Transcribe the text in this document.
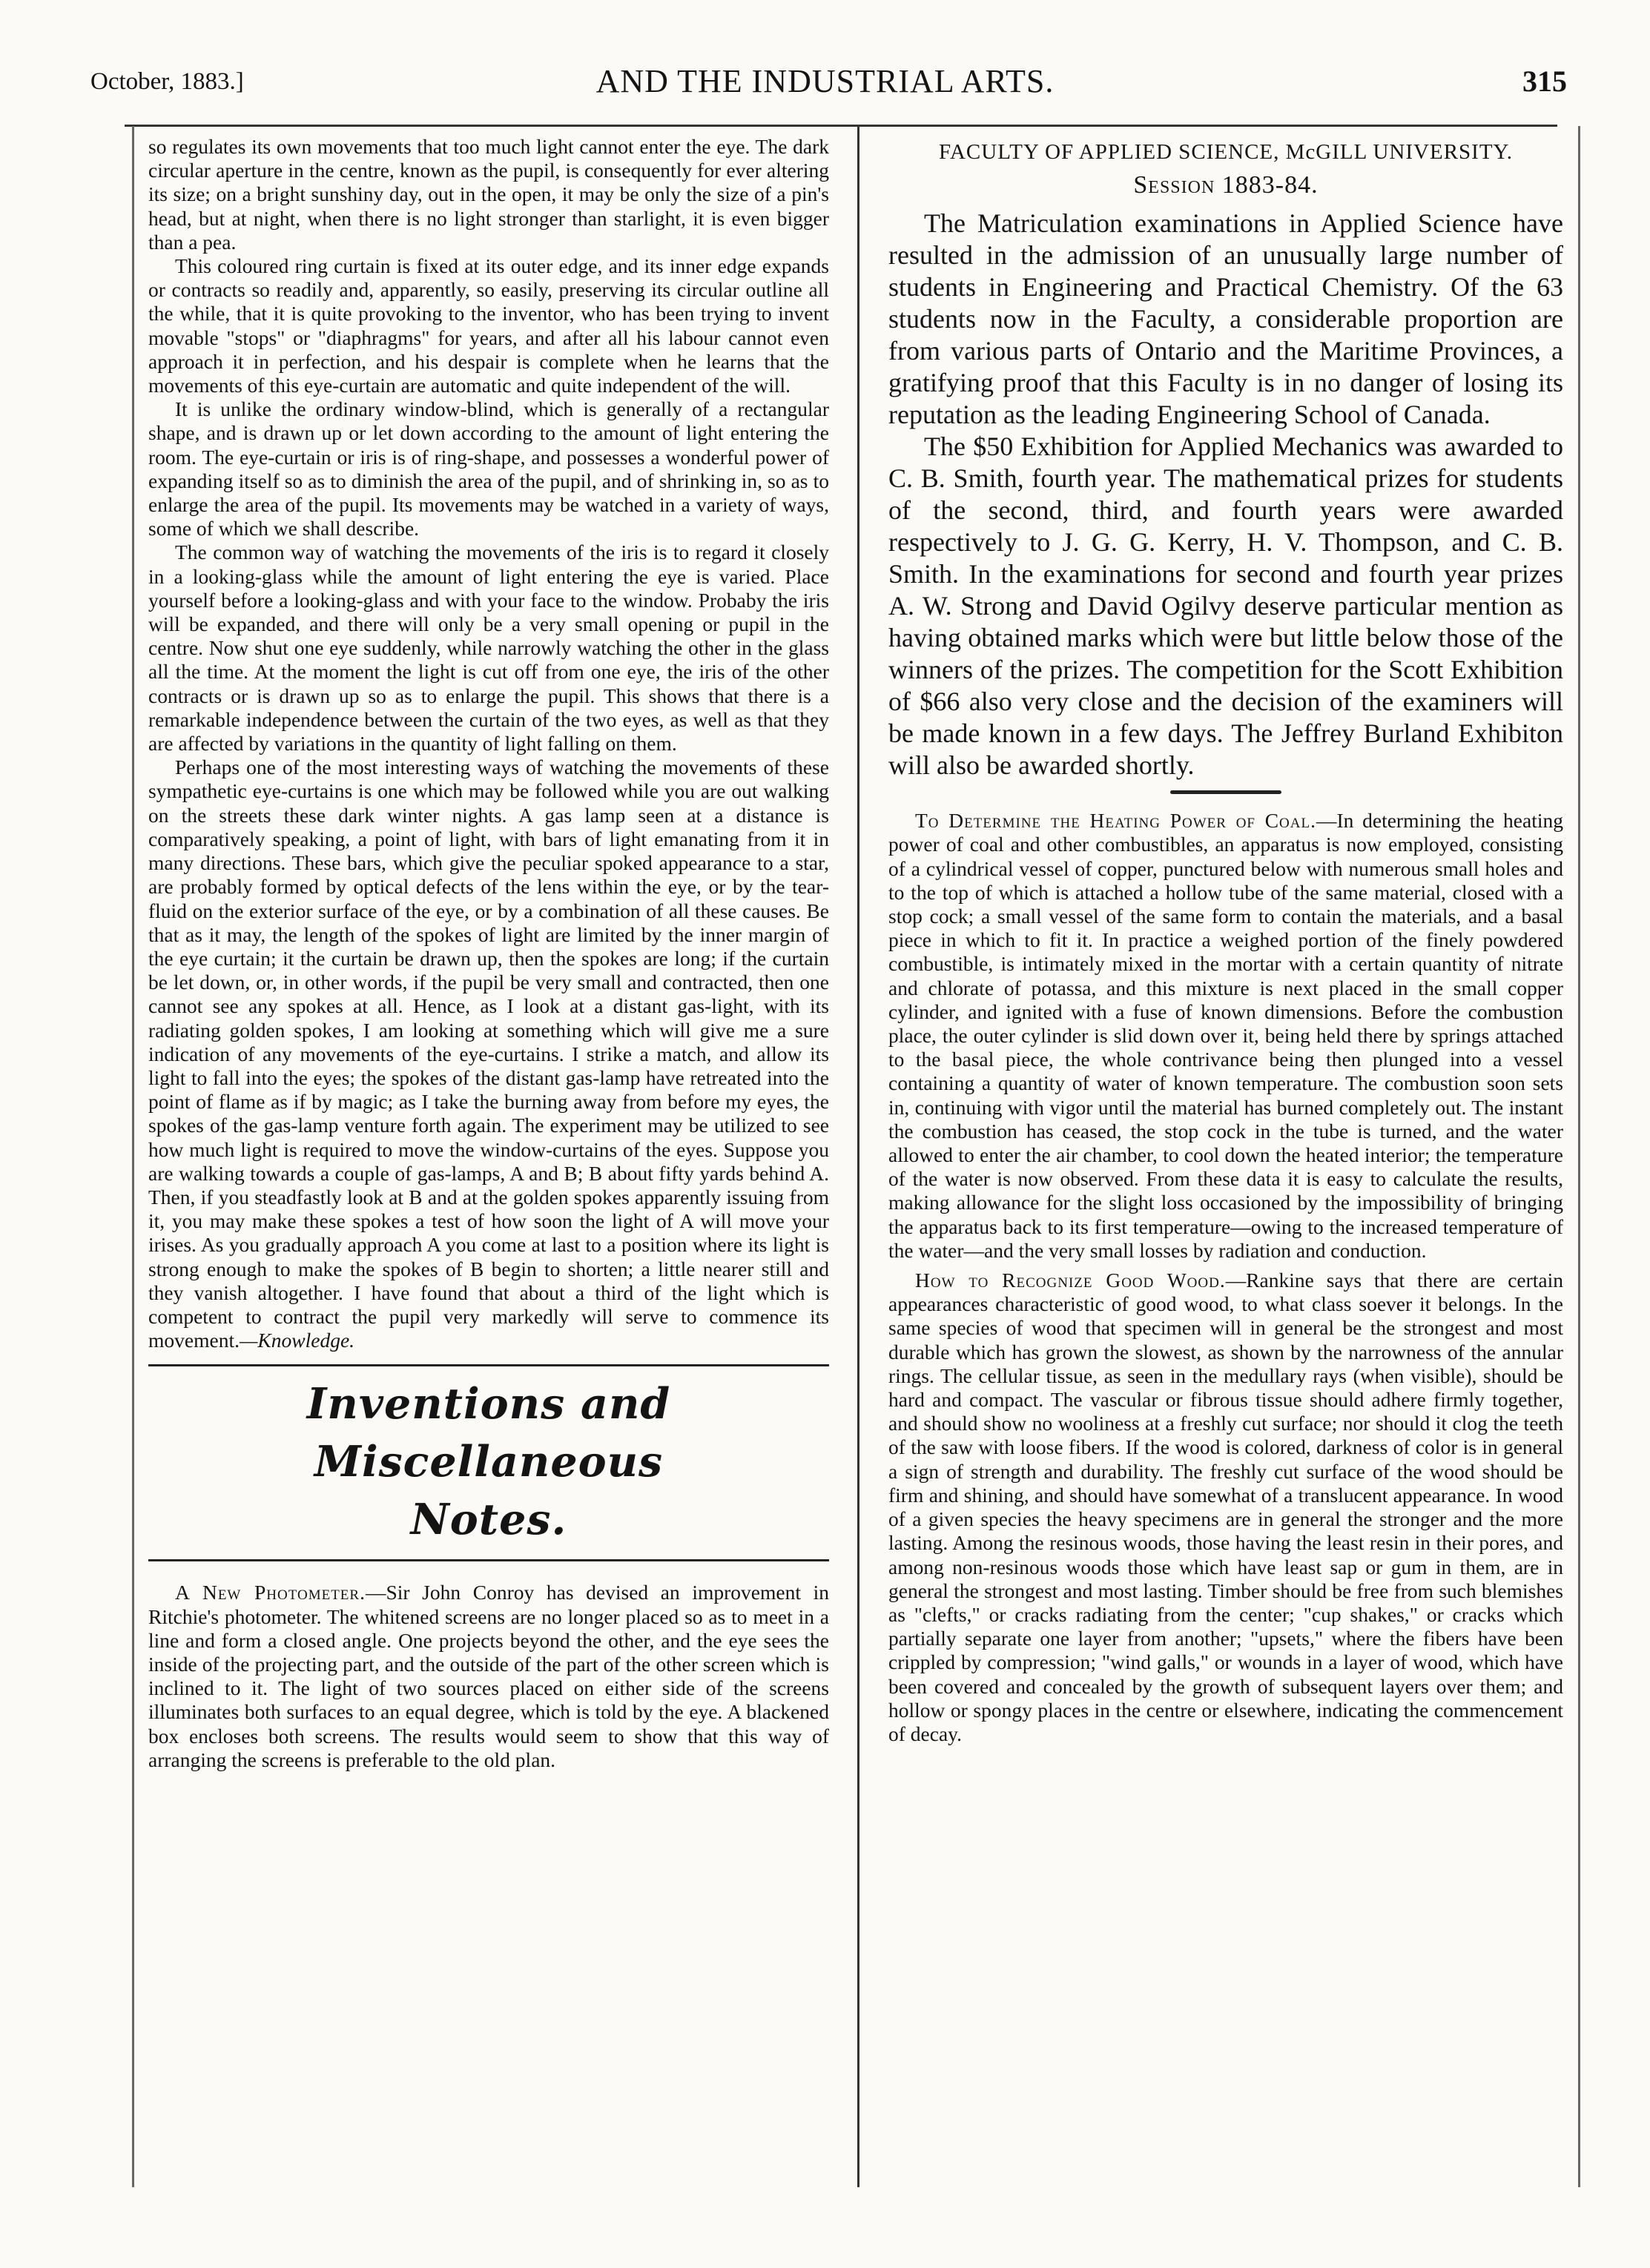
October, 1883.]	AND THE INDUSTRIAL ARTS.	315

so regulates its own movements that too much light cannot enter the eye. The dark circular aperture in the centre, known as the pupil, is consequently for ever altering its size; on a bright sunshiny day, out in the open, it may be only the size of a pin's head, but at night, when there is no light stronger than starlight, it is even bigger than a pea.

This coloured ring curtain is fixed at its outer edge, and its inner edge expands or contracts so readily and, apparently, so easily, preserving its circular outline all the while, that it is quite provoking to the inventor, who has been trying to invent movable "stops" or "diaphragms" for years, and after all his labour cannot even approach it in perfection, and his despair is complete when he learns that the movements of this eye-curtain are automatic and quite independent of the will.

It is unlike the ordinary window-blind, which is generally of a rectangular shape, and is drawn up or let down according to the amount of light entering the room. The eye-curtain or iris is of ring-shape, and possesses a wonderful power of expanding itself so as to diminish the area of the pupil, and of shrinking in, so as to enlarge the area of the pupil. Its movements may be watched in a variety of ways, some of which we shall describe.

The common way of watching the movements of the iris is to regard it closely in a looking-glass while the amount of light entering the eye is varied. Place yourself before a looking-glass and with your face to the window. Probaby the iris will be expanded, and there will only be a very small opening or pupil in the centre. Now shut one eye suddenly, while narrowly watching the other in the glass all the time. At the moment the light is cut off from one eye, the iris of the other contracts or is drawn up so as to enlarge the pupil. This shows that there is a remarkable independence between the curtain of the two eyes, as well as that they are affected by variations in the quantity of light falling on them.

Perhaps one of the most interesting ways of watching the movements of these sympathetic eye-curtains is one which may be followed while you are out walking on the streets these dark winter nights. A gas lamp seen at a distance is comparatively speaking, a point of light, with bars of light emanating from it in many directions. These bars, which give the peculiar spoked appearance to a star, are probably formed by optical defects of the lens within the eye, or by the tear-fluid on the exterior surface of the eye, or by a combination of all these causes. Be that as it may, the length of the spokes of light are limited by the inner margin of the eye curtain; it the curtain be drawn up, then the spokes are long; if the curtain be let down, or, in other words, if the pupil be very small and contracted, then one cannot see any spokes at all. Hence, as I look at a distant gas-light, with its radiating golden spokes, I am looking at something which will give me a sure indication of any movements of the eye-curtains. I strike a match, and allow its light to fall into the eyes; the spokes of the distant gas-lamp have retreated into the point of flame as if by magic; as I take the burning away from before my eyes, the spokes of the gas-lamp venture forth again. The experiment may be utilized to see how much light is required to move the window-curtains of the eyes. Suppose you are walking towards a couple of gas-lamps, A and B; B about fifty yards behind A. Then, if you steadfastly look at B and at the golden spokes apparently issuing from it, you may make these spokes a test of how soon the light of A will move your irises. As you gradually approach A you come at last to a position where its light is strong enough to make the spokes of B begin to shorten; a little nearer still and they vanish altogether. I have found that about a third of the light which is competent to contract the pupil very markedly will serve to commence its movement.—Knowledge.

Inventions and Miscellaneous
Notes.

A New Photometer.—Sir John Conroy has devised an improvement in Ritchie's photometer. The whitened screens are no longer placed so as to meet in a line and form a closed angle. One projects beyond the other, and the eye sees the inside of the projecting part, and the outside of the part of the other screen which is inclined to it. The light of two sources placed on either side of the screens illuminates both surfaces to an equal degree, which is told by the eye. A blackened box encloses both screens. The results would seem to show that this way of arranging the screens is preferable to the old plan.

FACULTY OF APPLIED SCIENCE, McGILL UNIVERSITY.
Session 1883-84.

The Matriculation examinations in Applied Science have resulted in the admission of an unusually large number of students in Engineering and Practical Chemistry. Of the 63 students now in the Faculty, a considerable proportion are from various parts of Ontario and the Maritime Provinces, a gratifying proof that this Faculty is in no danger of losing its reputation as the leading Engineering School of Canada.

The $50 Exhibition for Applied Mechanics was awarded to C. B. Smith, fourth year. The mathematical prizes for students of the second, third, and fourth years were awarded respectively to J. G. G. Kerry, H. V. Thompson, and C. B. Smith. In the examinations for second and fourth year prizes A. W. Strong and David Ogilvy deserve particular mention as having obtained marks which were but little below those of the winners of the prizes. The competition for the Scott Exhibition of $66 also very close and the decision of the examiners will be made known in a few days. The Jeffrey Burland Exhibiton will also be awarded shortly.

To Determine the Heating Power of Coal.—In determining the heating power of coal and other combustibles, an apparatus is now employed, consisting of a cylindrical vessel of copper, punctured below with numerous small holes and to the top of which is attached a hollow tube of the same material, closed with a stop cock; a small vessel of the same form to contain the materials, and a basal piece in which to fit it. In practice a weighed portion of the finely powdered combustible, is intimately mixed in the mortar with a certain quantity of nitrate and chlorate of potassa, and this mixture is next placed in the small copper cylinder, and ignited with a fuse of known dimensions. Before the combustion place, the outer cylinder is slid down over it, being held there by springs attached to the basal piece, the whole contrivance being then plunged into a vessel containing a quantity of water of known temperature. The combustion soon sets in, continuing with vigor until the material has burned completely out. The instant the combustion has ceased, the stop cock in the tube is turned, and the water allowed to enter the air chamber, to cool down the heated interior; the temperature of the water is now observed. From these data it is easy to calculate the results, making allowance for the slight loss occasioned by the impossibility of bringing the apparatus back to its first temperature—owing to the increased temperature of the water—and the very small losses by radiation and conduction.

How to Recognize Good Wood.—Rankine says that there are certain appearances characteristic of good wood, to what class soever it belongs. In the same species of wood that specimen will in general be the strongest and most durable which has grown the slowest, as shown by the narrowness of the annular rings. The cellular tissue, as seen in the medullary rays (when visible), should be hard and compact. The vascular or fibrous tissue should adhere firmly together, and should show no wooliness at a freshly cut surface; nor should it clog the teeth of the saw with loose fibers. If the wood is colored, darkness of color is in general a sign of strength and durability. The freshly cut surface of the wood should be firm and shining, and should have somewhat of a translucent appearance. In wood of a given species the heavy specimens are in general the stronger and the more lasting. Among the resinous woods, those having the least resin in their pores, and among non-resinous woods those which have least sap or gum in them, are in general the strongest and most lasting. Timber should be free from such blemishes as "clefts," or cracks radiating from the center; "cup shakes," or cracks which partially separate one layer from another; "upsets," where the fibers have been crippled by compression; "wind galls," or wounds in a layer of wood, which have been covered and concealed by the growth of subsequent layers over them; and hollow or spongy places in the centre or elsewhere, indicating the commencement of decay.
